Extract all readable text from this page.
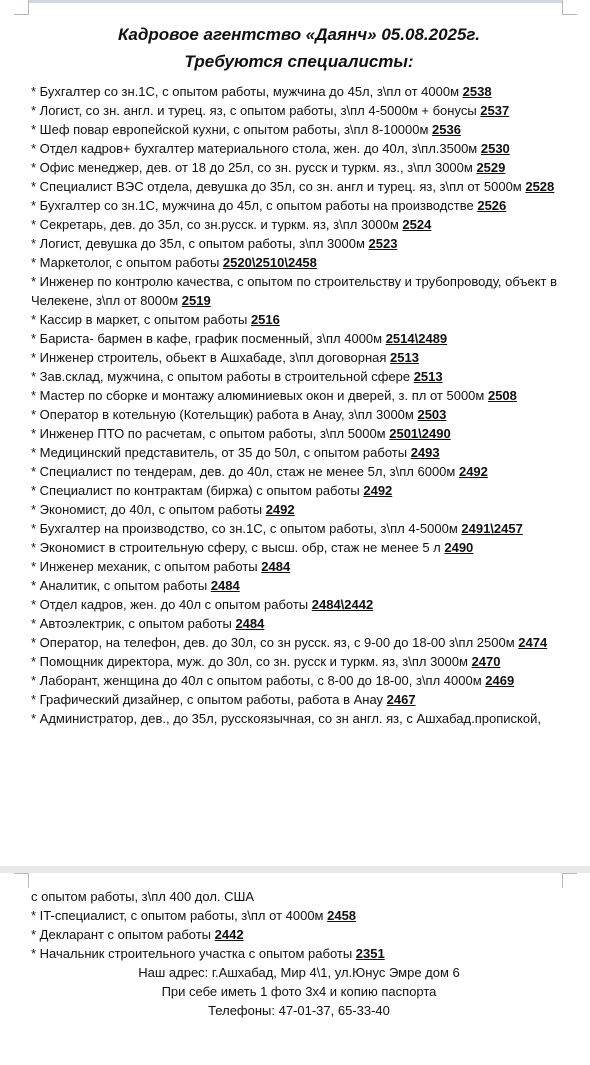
Кадровое агентство «Даянч» 05.08.2025г.
Требуются специалисты:
* Бухгалтер со зн.1С, с опытом работы, мужчина до 45л, з\пл от 4000м 2538
* Логист, со зн. англ. и турец. яз, с опытом работы, з\пл 4-5000м + бонусы 2537
* Шеф повар европейской кухни, с опытом работы, з\пл 8-10000м 2536
* Отдел кадров+ бухгалтер материального стола, жен. до 40л, з\пл.3500м 2530
* Офис менеджер, дев. от 18 до 25л, со зн. русск и туркм. яз., з\пл 3000м 2529
* Специалист ВЭС отдела, девушка до 35л, со зн. англ и турец. яз, з\пл от 5000м 2528
* Бухгалтер со зн.1С, мужчина до 45л, с опытом работы на производстве 2526
* Секретарь, дев. до 35л, со зн.русск. и туркм. яз, з\пл 3000м 2524
* Логист, девушка до 35л, с опытом работы, з\пл 3000м 2523
* Маркетолог, с опытом работы 2520\2510\2458
* Инженер по контролю качества, с опытом по строительству и трубопроводу, объект в
Челекене, з\пл от 8000м 2519
* Кассир в маркет, с опытом работы 2516
* Бариста- бармен в кафе, график посменный, з\пл 4000м 2514\2489
* Инженер строитель, обьект в Ашхабаде, з\пл договорная 2513
* Зав.склад, мужчина, с опытом работы в строительной сфере 2513
* Мастер по сборке и монтажу алюминиевых окон и дверей, з. пл от 5000м 2508
* Оператор в котельную (Котельщик) работа в Анау, з\пл 3000м 2503
* Инженер ПТО по расчетам, с опытом работы, з\пл 5000м 2501\2490
* Медицинский представитель, от 35 до 50л, с опытом работы 2493
* Специалист по тендерам, дев. до 40л, стаж не менее 5л, з\пл 6000м 2492
* Специалист по контрактам (биржа) с опытом работы 2492
* Экономист, до 40л, с опытом работы 2492
* Бухгалтер на производство, со зн.1С, с опытом работы, з\пл 4-5000м 2491\2457
* Экономист в строительную сферу, с высш. обр, стаж не менее 5 л 2490
* Инженер механик, с опытом работы 2484
* Аналитик, с опытом работы 2484
* Отдел кадров, жен. до 40л с опытом работы 2484\2442
* Автоэлектрик, с опытом работы 2484
* Оператор, на телефон, дев. до 30л, со зн русск. яз, с 9-00 до 18-00 з\пл 2500м 2474
* Помощник директора, муж. до 30л, со зн. русск и туркм. яз, з\пл 3000м 2470
* Лаборант, женщина до 40л с опытом работы, с 8-00 до 18-00, з\пл 4000м 2469
* Графический дизайнер, с опытом работы, работа в Анау 2467
* Администратор, дев., до 35л, русскоязычная, со зн англ. яз, с Ашхабад.пропиской,
с опытом работы, з\пл 400 дол. США
* IT-специалист, с опытом работы, з\пл от 4000м 2458
* Декларант с опытом работы 2442
* Начальник строительного участка с опытом работы 2351

Наш адрес: г.Ашхабад, Мир 4\1, ул.Юнус Эмре дом 6

При себе иметь 1 фото 3х4 и копию паспорта

Телефоны: 47-01-37, 65-33-40
